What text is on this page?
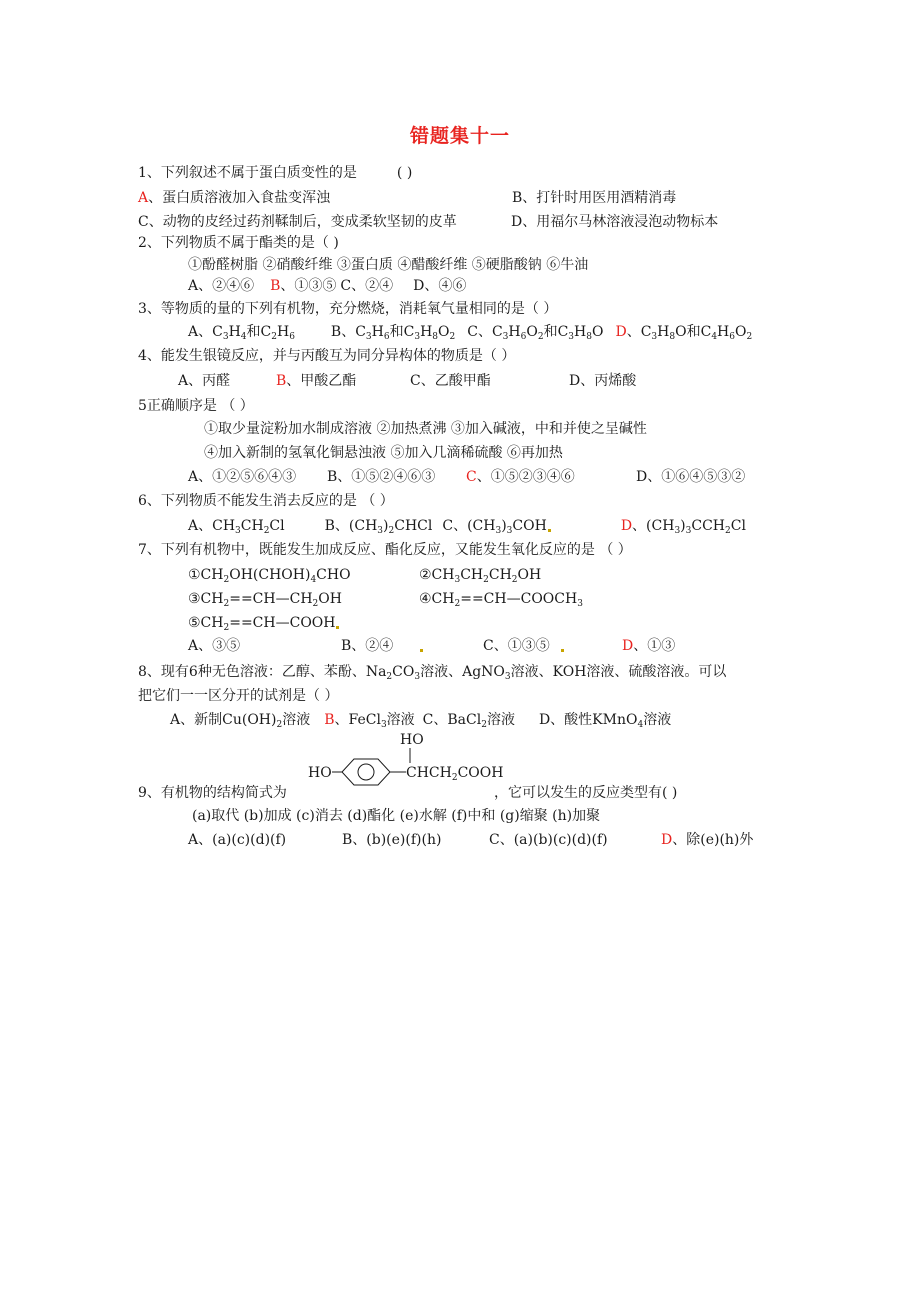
错题集十一
1、下列叙述不属于蛋白质变性的是	( )
A、蛋白质溶液加入食盐变浑浊	B、打针时用医用酒精消毒
C、动物的皮经过药剂鞣制后，变成柔软坚韧的皮革	D、用福尔马林溶液浸泡动物标本
2、下列物质不属于酯类的是（ )
①酚醛树脂 ②硝酸纤维 ③蛋白质 ④醋酸纤维 ⑤硬脂酸钠 ⑥牛油
A、②④⑥ B、①③⑤ C、②④ D、④⑥
3、等物质的量的下列有机物，充分燃烧，消耗氧气量相同的是（ ）
A、$C_3H_4$和$C_2H_6$	B、$C_3H_6$和$C_3H_8O_2$ C、$C_3H_6O_2$和$C_3H_8O$ D、$C_3H_8O$和$C_4H_6O_2$
4、能发生银镜反应，并与丙酸互为同分异构体的物质是（ ）
A、丙醛	B、甲酸乙酯	C、乙酸甲酯	D、丙烯酸
5正确顺序是 （ ）
①取少量淀粉加水制成溶液 ②加热煮沸 ③加入碱液，中和并使之呈碱性
④加入新制的氢氧化铜悬浊液 ⑤加入几滴稀硫酸 ⑥再加热
A、①②⑤⑥④③ B、①⑤②④⑥③ C、①⑤②③④⑥	D、①⑥④⑤③②
6、下列物质不能发生消去反应的是 （ ）
A、$CH_3CH_2Cl$	B、$(CH_3)_2CHCl$ C、$(CH_3)_3COH$	D、$(CH_3)_3CCH_2Cl$
7、下列有机物中，既能发生加成反应、酯化反应，又能发生氧化反应的是 （ ）
$①CH_2OH(CHOH)_4CHO$	$②CH_3CH_2CH_2OH$
$③CH_2==CH—CH_2OH$	$④CH_2==CH—COOCH_3$
$⑤CH_2==CH—COOH$
A、③⑤	B、②④	C、①③⑤	D、①③
8、现有6种无色溶液：乙醇、苯酚、$Na_2CO_3$溶液、AgNO$_3$溶液、KOH溶液、硫酸溶液。可以
把它们一一区分开的试剂是（ ）
A、新制$Cu(OH)_2$溶液 B、FeCl$_3$溶液 C、BaCl$_2$溶液 D、酸性KMnO$_4$溶液
HO
HO
$CHCH_2COOH$
9、有机物的结构简式为	，它可以发生的反应类型有( )
(a)取代 (b)加成 (c)消去 (d)酯化 (e)水解 (f)中和 (g)缩聚 (h)加聚
A、(a)(c)(d)(f)	B、(b)(e)(f)(h)	C、(a)(b)(c)(d)(f)	D、除(e)(h)外
